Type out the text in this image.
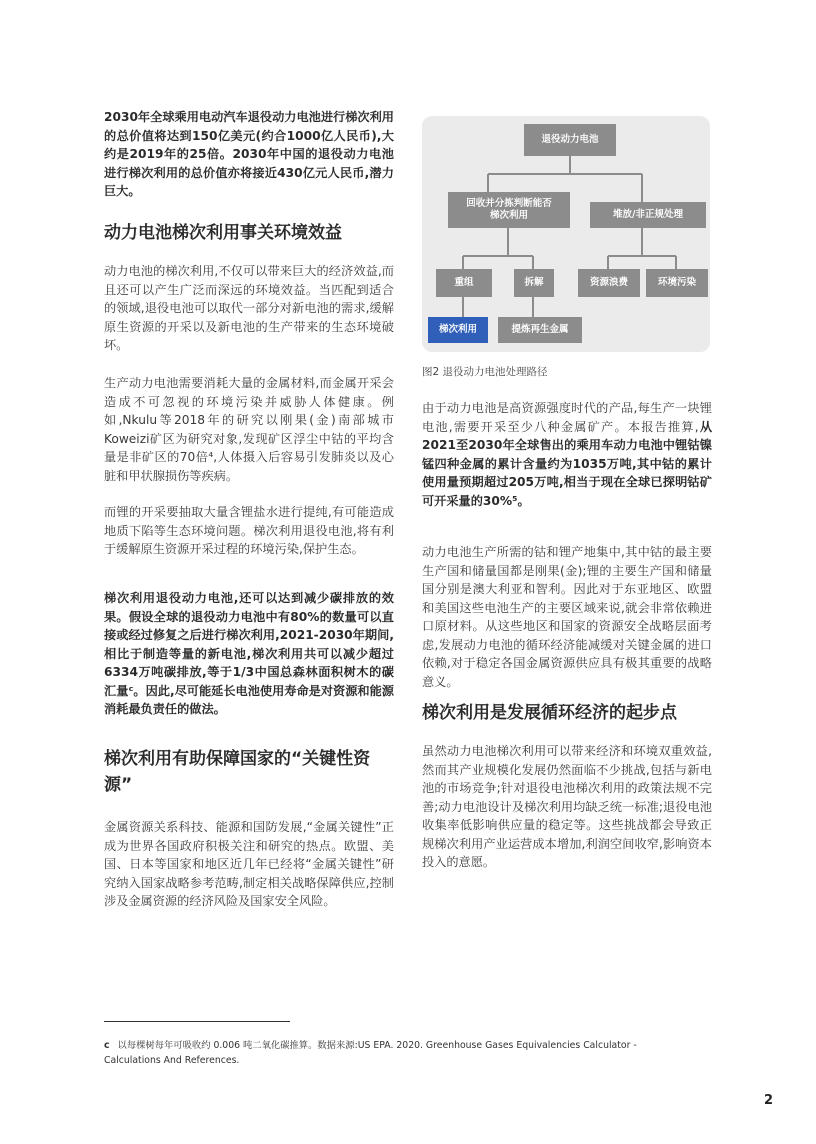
2030年全球乘用电动汽车退役动力电池进行梯次利用的总价值将达到150亿美元(约合1000亿人民币),大约是2019年的25倍。2030年中国的退役动力电池进行梯次利用的总价值亦将接近430亿元人民币,潜力巨大。

动力电池梯次利用事关环境效益

动力电池的梯次利用,不仅可以带来巨大的经济效益,而且还可以产生广泛而深远的环境效益。当匹配到适合的领域,退役电池可以取代一部分对新电池的需求,缓解原生资源的开采以及新电池的生产带来的生态环境破坏。

生产动力电池需要消耗大量的金属材料,而金属开采会造成不可忽视的环境污染并威胁人体健康。例如,Nkulu等2018年的研究以刚果(金)南部城市Koweizi矿区为研究对象,发现矿区浮尘中钴的平均含量是非矿区的70倍⁴,人体摄入后容易引发肺炎以及心脏和甲状腺损伤等疾病。

而锂的开采要抽取大量含锂盐水进行提纯,有可能造成地质下陷等生态环境问题。梯次利用退役电池,将有利于缓解原生资源开采过程的环境污染,保护生态。

梯次利用退役动力电池,还可以达到减少碳排放的效果。假设全球的退役动力电池中有80%的数量可以直接或经过修复之后进行梯次利用,2021-2030年期间,相比于制造等量的新电池,梯次利用共可以减少超过6334万吨碳排放,等于1/3中国总森林面积树木的碳汇量ᶜ。因此,尽可能延长电池使用寿命是对资源和能源消耗最负责任的做法。

梯次利用有助保障国家的“关键性资源”

金属资源关系科技、能源和国防发展,“金属关键性”正成为世界各国政府积极关注和研究的热点。欧盟、美国、日本等国家和地区近几年已经将“金属关键性”研究纳入国家战略参考范畴,制定相关战略保障供应,控制涉及金属资源的经济风险及国家安全风险。

退役动力电池
回收并分拣判断能否梯次利用	堆放/非正规处理
重组	拆解	资源浪费	环境污染
梯次利用	提炼再生金属
图2 退役动力电池处理路径

由于动力电池是高资源强度时代的产品,每生产一块锂电池,需要开采至少八种金属矿产。本报告推算,从2021至2030年全球售出的乘用车动力电池中锂钴镍锰四种金属的累计含量约为1035万吨,其中钴的累计使用量预期超过205万吨,相当于现在全球已探明钴矿可开采量的30%⁵。

动力电池生产所需的钴和锂产地集中,其中钴的最主要生产国和储量国都是刚果(金);锂的主要生产国和储量国分别是澳大利亚和智利。因此对于东亚地区、欧盟和美国这些电池生产的主要区域来说,就会非常依赖进口原材料。从这些地区和国家的资源安全战略层面考虑,发展动力电池的循环经济能减缓对关键金属的进口依赖,对于稳定各国金属资源供应具有极其重要的战略意义。

梯次利用是发展循环经济的起步点

虽然动力电池梯次利用可以带来经济和环境双重效益,然而其产业规模化发展仍然面临不少挑战,包括与新电池的市场竞争;针对退役电池梯次利用的政策法规不完善;动力电池设计及梯次利用均缺乏统一标准;退役电池收集率低影响供应量的稳定等。这些挑战都会导致正规梯次利用产业运营成本增加,利润空间收窄,影响资本投入的意愿。

c 以每棵树每年可吸收约 0.006 吨二氧化碳推算。数据来源:US EPA. 2020. Greenhouse Gases Equivalencies Calculator - Calculations And References.
2
